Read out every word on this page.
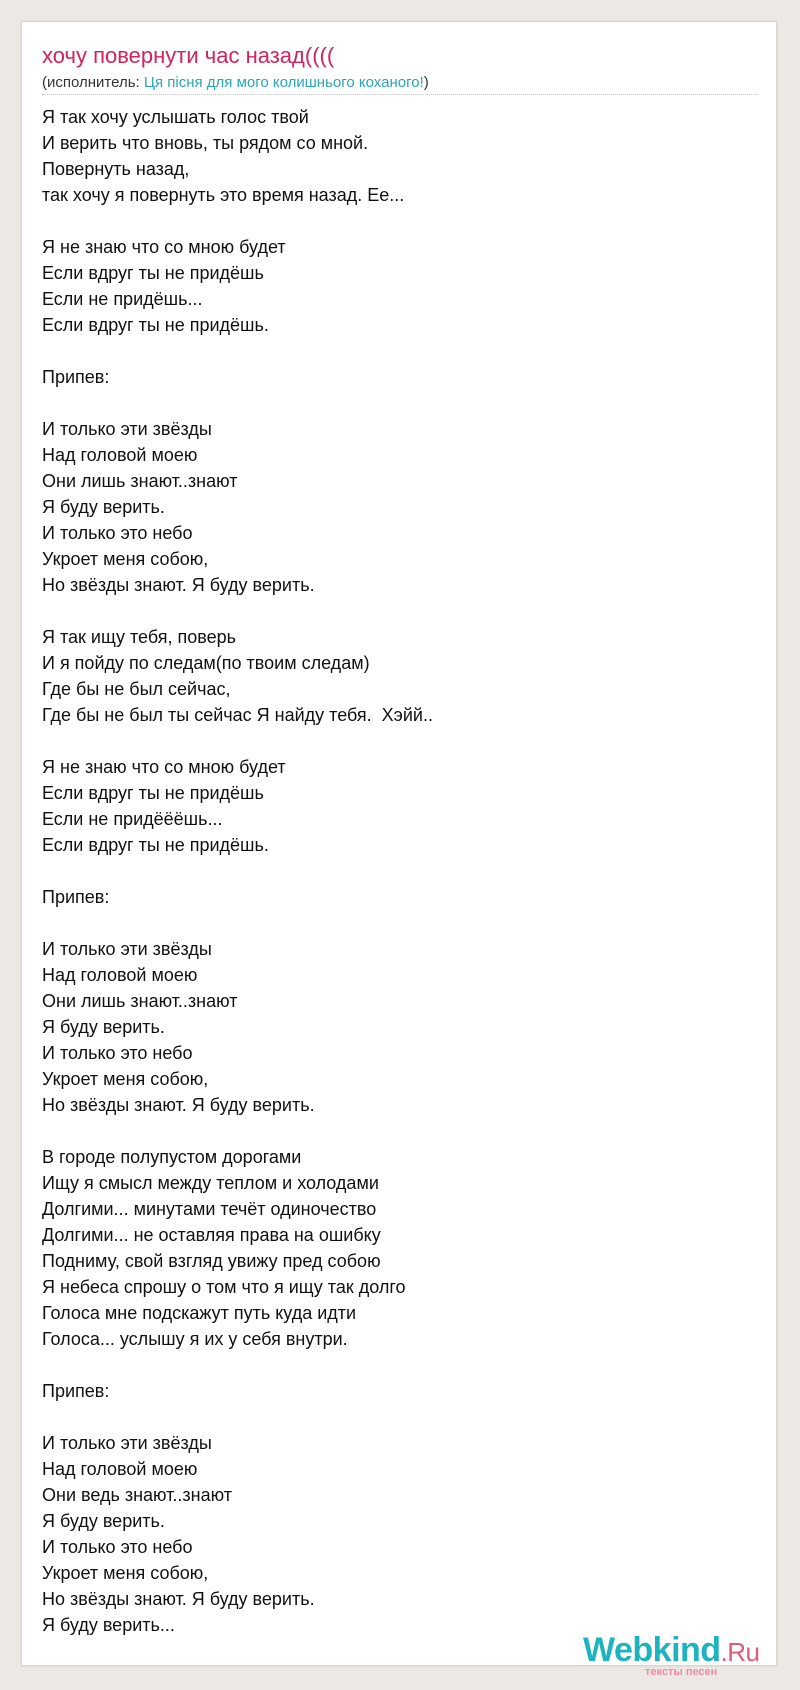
хочу повернути час назад((((
(исполнитель: Ця пісня для мого колишнього коханого!)
Я так хочу услышать голос твой
И верить что вновь, ты рядом со мной.
Повернуть назад,
так хочу я повернуть это время назад. Ее...
Я не знаю что со мною будет
Если вдруг ты не придёшь
Если не придёшь...
Если вдруг ты не придёшь.
Припев:
И только эти звёзды
Над головой моею
Они лишь знают..знают
Я буду верить.
И только это небо
Укроет меня собою,
Но звёзды знают. Я буду верить.
Я так ищу тебя, поверь
И я пойду по следам(по твоим следам)
Где бы не был сейчас,
Где бы не был ты сейчас Я найду тебя.  Хэйй..
Я не знаю что со мною будет
Если вдруг ты не придёшь
Если не придёёёшь...
Если вдруг ты не придёшь.
Припев:
И только эти звёзды
Над головой моею
Они лишь знают..знают
Я буду верить.
И только это небо
Укроет меня собою,
Но звёзды знают. Я буду верить.
В городе полупустом дорогами
Ищу я смысл между теплом и холодами
Долгими... минутами течёт одиночество
Долгими... не оставляя права на ошибку
Подниму, свой взгляд увижу пред собою
Я небеса спрошу о том что я ищу так долго
Голоса мне подскажут путь куда идти
Голоса... услышу я их у себя внутри.
Припев:
И только эти звёзды
Над головой моею
Они ведь знают..знают
Я буду верить.
И только это небо
Укроет меня собою,
Но звёзды знают. Я буду верить.
Я буду верить...
Webkind.Ru
тексты песен
